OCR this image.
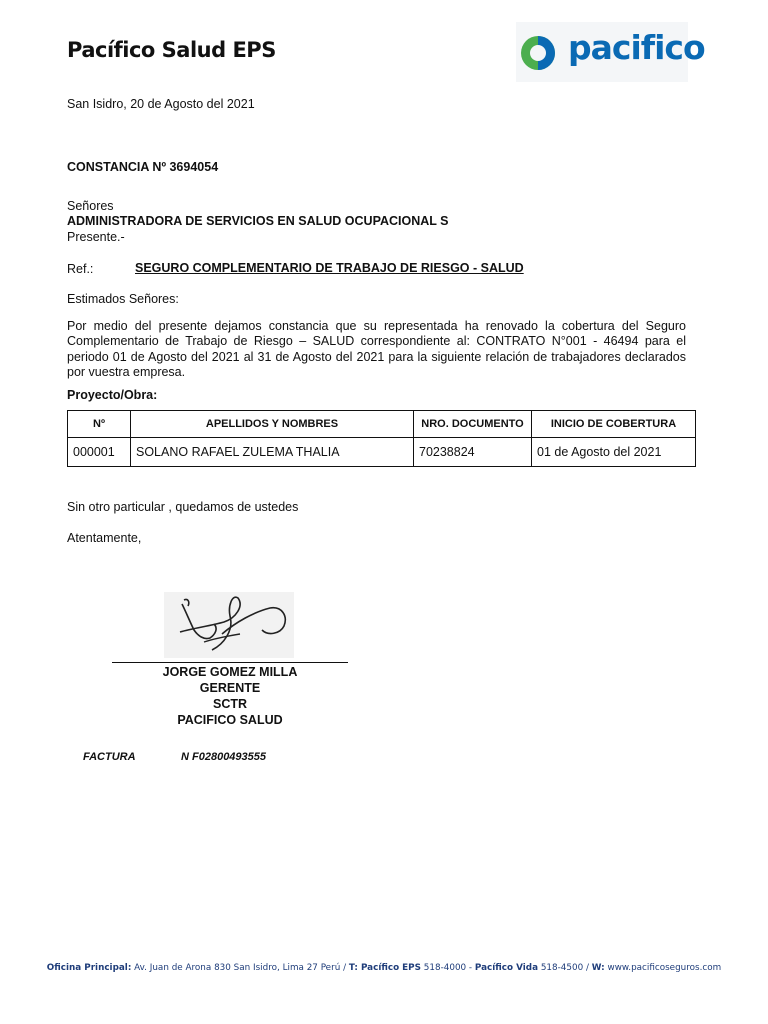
Pacífico Salud EPS	pacifico
San Isidro, 20 de Agosto del 2021
CONSTANCIA Nº 3694054
Señores
ADMINISTRADORA DE SERVICIOS EN SALUD OCUPACIONAL S
Presente.-
Ref.:	SEGURO COMPLEMENTARIO DE TRABAJO DE RIESGO - SALUD
Estimados Señores:
Por medio del presente dejamos constancia que su representada ha renovado la cobertura del Seguro Complementario de Trabajo de Riesgo – SALUD correspondiente al: CONTRATO N°001 - 46494 para el periodo 01 de Agosto del 2021 al 31 de Agosto del 2021 para la siguiente relación de trabajadores declarados por vuestra empresa.
Proyecto/Obra:
Nº	APELLIDOS Y NOMBRES	NRO. DOCUMENTO	INICIO DE COBERTURA
000001	SOLANO RAFAEL ZULEMA THALIA	70238824	01 de Agosto del 2021
Sin otro particular , quedamos de ustedes
Atentamente,
JORGE GOMEZ MILLA
GERENTE
SCTR
PACIFICO SALUD
FACTURA	N F02800493555
Oficina Principal: Av. Juan de Arona 830 San Isidro, Lima 27 Perú / T: Pacífico EPS 518-4000 - Pacífico Vida 518-4500 / W: www.pacificoseguros.com
